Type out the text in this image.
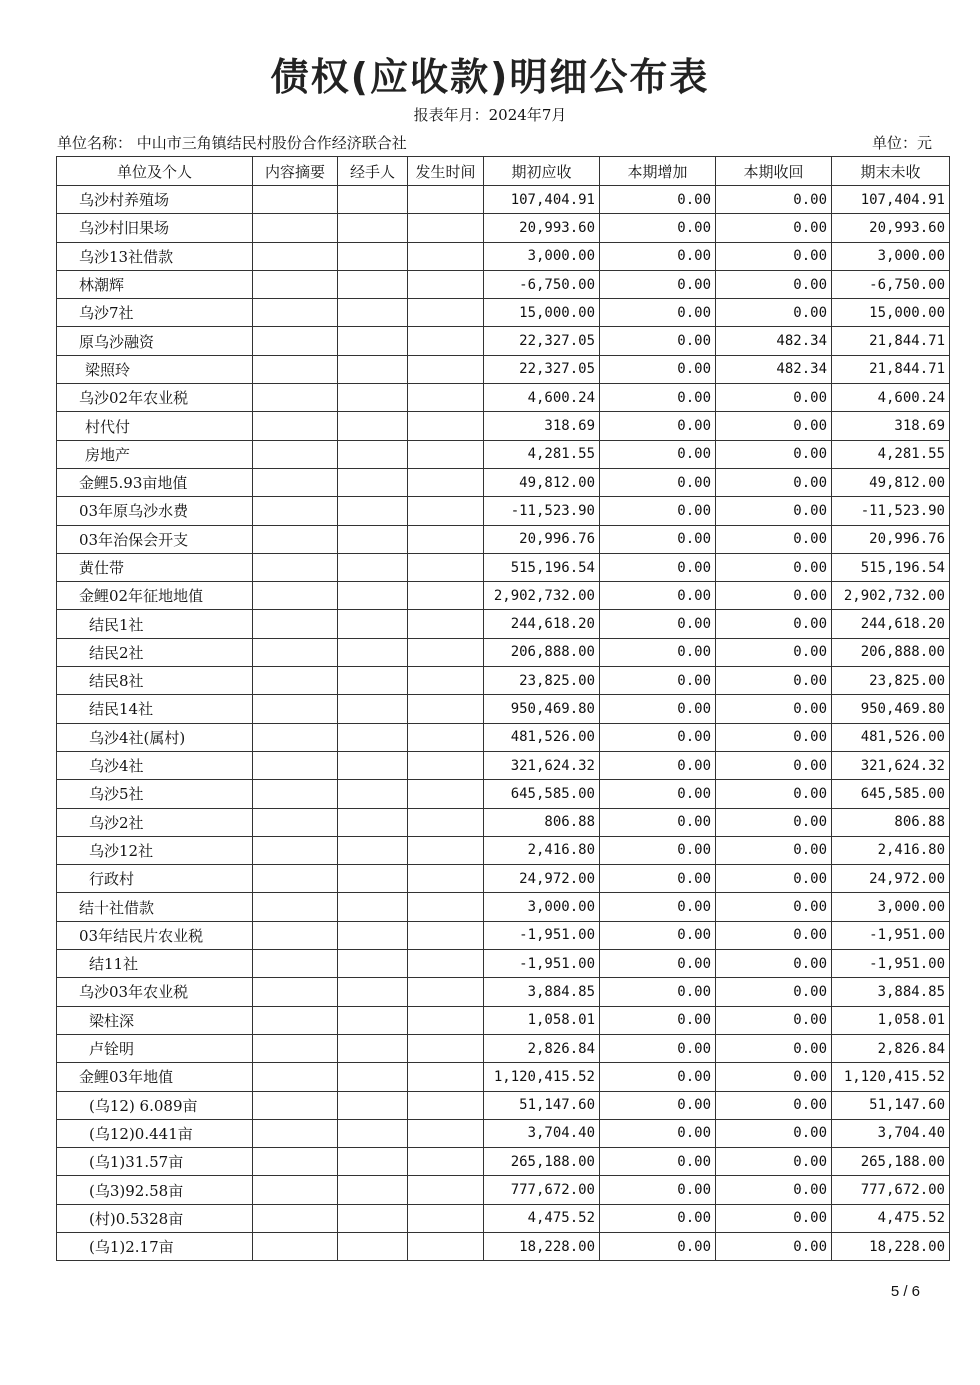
债权(应收款)明细公布表
报表年月：2024年7月
单位名称： 中山市三角镇结民村股份合作经济联合社	单位：元
单位及个人	内容摘要	经手人	发生时间	期初应收	本期增加	本期收回	期末未收
乌沙村养殖场				107,404.91	0.00	0.00	107,404.91
乌沙村旧果场				20,993.60	0.00	0.00	20,993.60
乌沙13社借款				3,000.00	0.00	0.00	3,000.00
林潮辉				-6,750.00	0.00	0.00	-6,750.00
乌沙7社				15,000.00	0.00	0.00	15,000.00
原乌沙融资				22,327.05	0.00	482.34	21,844.71
梁照玲				22,327.05	0.00	482.34	21,844.71
乌沙02年农业税				4,600.24	0.00	0.00	4,600.24
村代付				318.69	0.00	0.00	318.69
房地产				4,281.55	0.00	0.00	4,281.55
金鲤5.93亩地值				49,812.00	0.00	0.00	49,812.00
03年原乌沙水费				-11,523.90	0.00	0.00	-11,523.90
03年治保会开支				20,996.76	0.00	0.00	20,996.76
黄仕带				515,196.54	0.00	0.00	515,196.54
金鲤02年征地地值				2,902,732.00	0.00	0.00	2,902,732.00
结民1社				244,618.20	0.00	0.00	244,618.20
结民2社				206,888.00	0.00	0.00	206,888.00
结民8社				23,825.00	0.00	0.00	23,825.00
结民14社				950,469.80	0.00	0.00	950,469.80
乌沙4社(属村)				481,526.00	0.00	0.00	481,526.00
乌沙4社				321,624.32	0.00	0.00	321,624.32
乌沙5社				645,585.00	0.00	0.00	645,585.00
乌沙2社				806.88	0.00	0.00	806.88
乌沙12社				2,416.80	0.00	0.00	2,416.80
行政村				24,972.00	0.00	0.00	24,972.00
结十社借款				3,000.00	0.00	0.00	3,000.00
03年结民片农业税				-1,951.00	0.00	0.00	-1,951.00
结11社				-1,951.00	0.00	0.00	-1,951.00
乌沙03年农业税				3,884.85	0.00	0.00	3,884.85
梁柱深				1,058.01	0.00	0.00	1,058.01
卢铨明				2,826.84	0.00	0.00	2,826.84
金鲤03年地值				1,120,415.52	0.00	0.00	1,120,415.52
(乌12) 6.089亩				51,147.60	0.00	0.00	51,147.60
(乌12)0.441亩				3,704.40	0.00	0.00	3,704.40
(乌1)31.57亩				265,188.00	0.00	0.00	265,188.00
(乌3)92.58亩				777,672.00	0.00	0.00	777,672.00
(村)0.5328亩				4,475.52	0.00	0.00	4,475.52
(乌1)2.17亩				18,228.00	0.00	0.00	18,228.00
5 / 6
